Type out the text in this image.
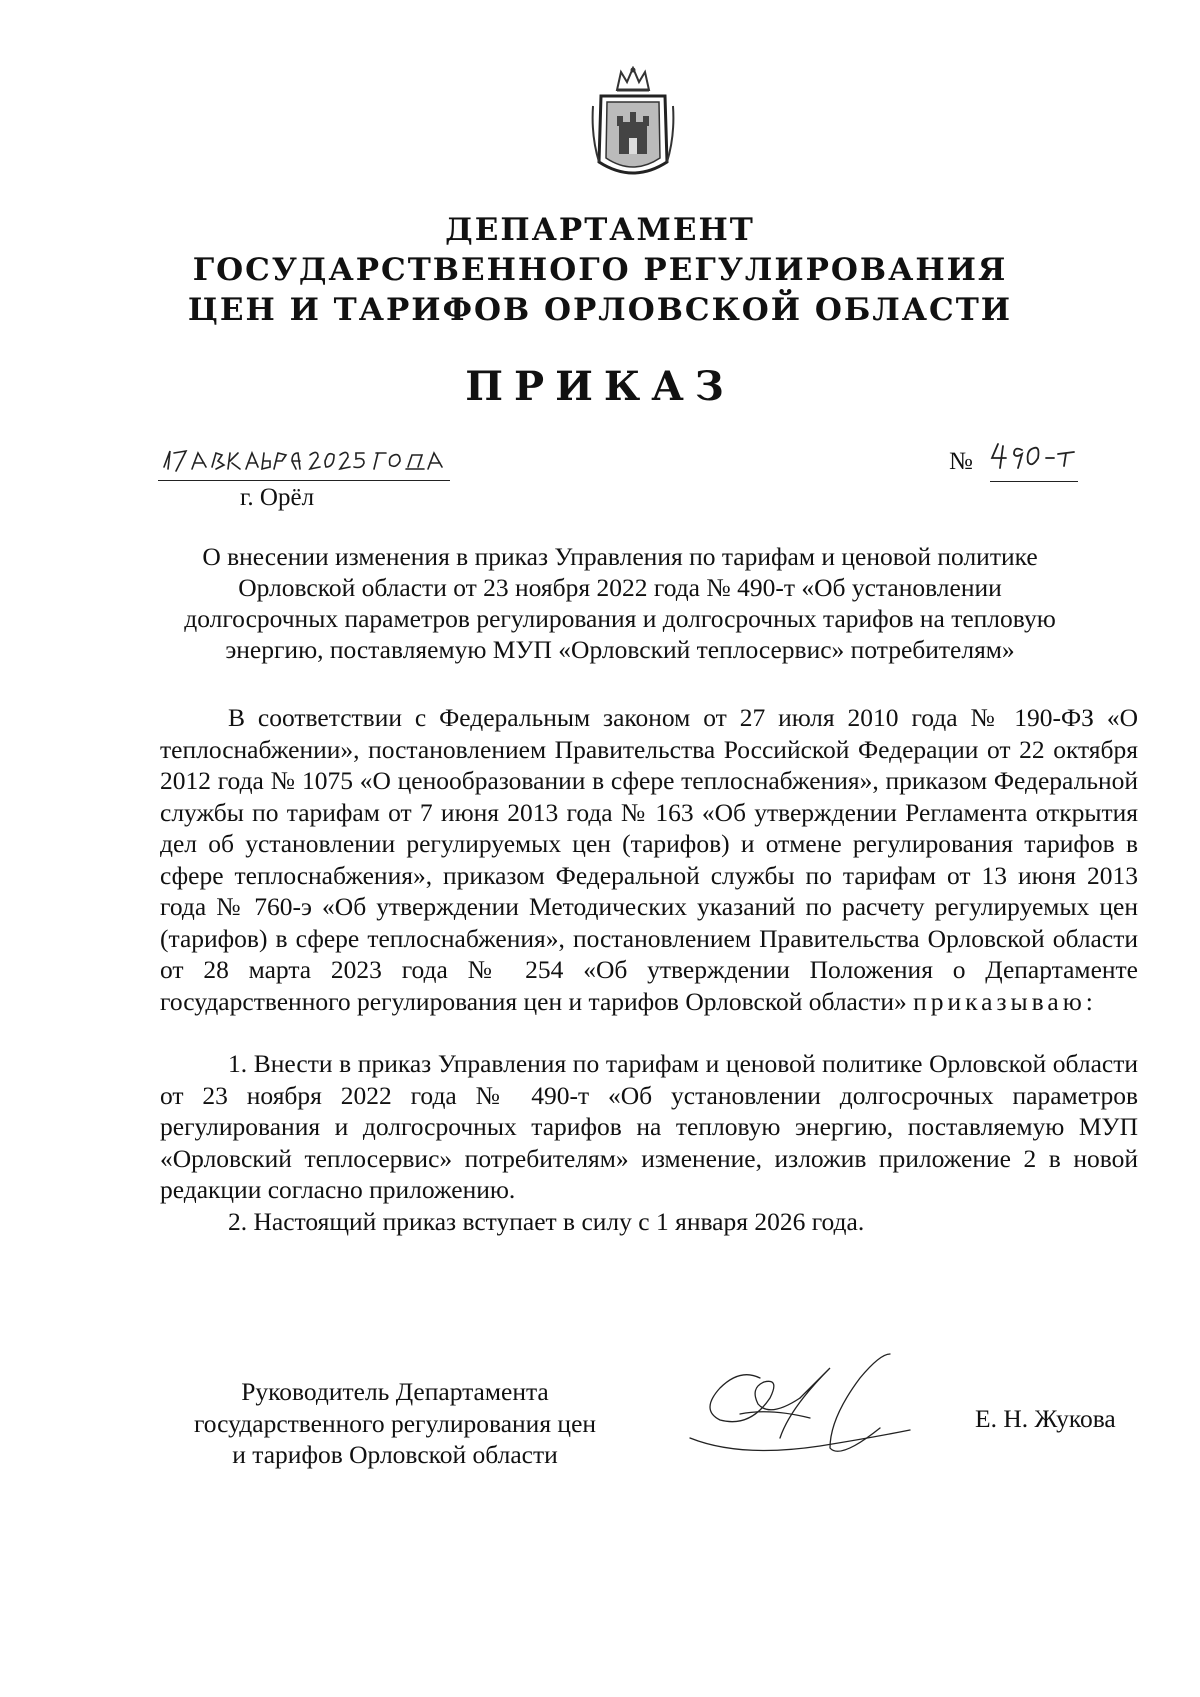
ДЕПАРТАМЕНТ
ГОСУДАРСТВЕННОГО РЕГУЛИРОВАНИЯ
ЦЕН И ТАРИФОВ ОРЛОВСКОЙ ОБЛАСТИ
ПРИКАЗ
№
г. Орёл
О внесении изменения в приказ Управления по тарифам и ценовой политике
Орловской области от 23 ноября 2022 года № 490-т «Об установлении
долгосрочных параметров регулирования и долгосрочных тарифов на тепловую
энергию, поставляемую МУП «Орловский теплосервис» потребителям»
В соответствии с Федеральным законом от 27 июля 2010 года № 190-ФЗ «О теплоснабжении», постановлением Правительства Российской Федерации от 22 октября 2012 года № 1075 «О ценообразовании в сфере теплоснабжения», приказом Федеральной службы по тарифам от 7 июня 2013 года № 163 «Об утверждении Регламента открытия дел об установлении регулируемых цен (тарифов) и отмене регулирования тарифов в сфере теплоснабжения», приказом Федеральной службы по тарифам от 13 июня 2013 года № 760-э «Об утверждении Методических указаний по расчету регулируемых цен (тарифов) в сфере теплоснабжения», постановлением Правительства Орловской области от 28 марта 2023 года № 254 «Об утверждении Положения о Департаменте государственного регулирования цен и тарифов Орловской области» приказываю:
1. Внести в приказ Управления по тарифам и ценовой политике Орловской области от 23 ноября 2022 года № 490-т «Об установлении долгосрочных параметров регулирования и долгосрочных тарифов на тепловую энергию, поставляемую МУП «Орловский теплосервис» потребителям» изменение, изложив приложение 2 в новой редакции согласно приложению.
2. Настоящий приказ вступает в силу с 1 января 2026 года.
Руководитель Департамента
государственного регулирования цен
и тарифов Орловской области
Е. Н. Жукова
